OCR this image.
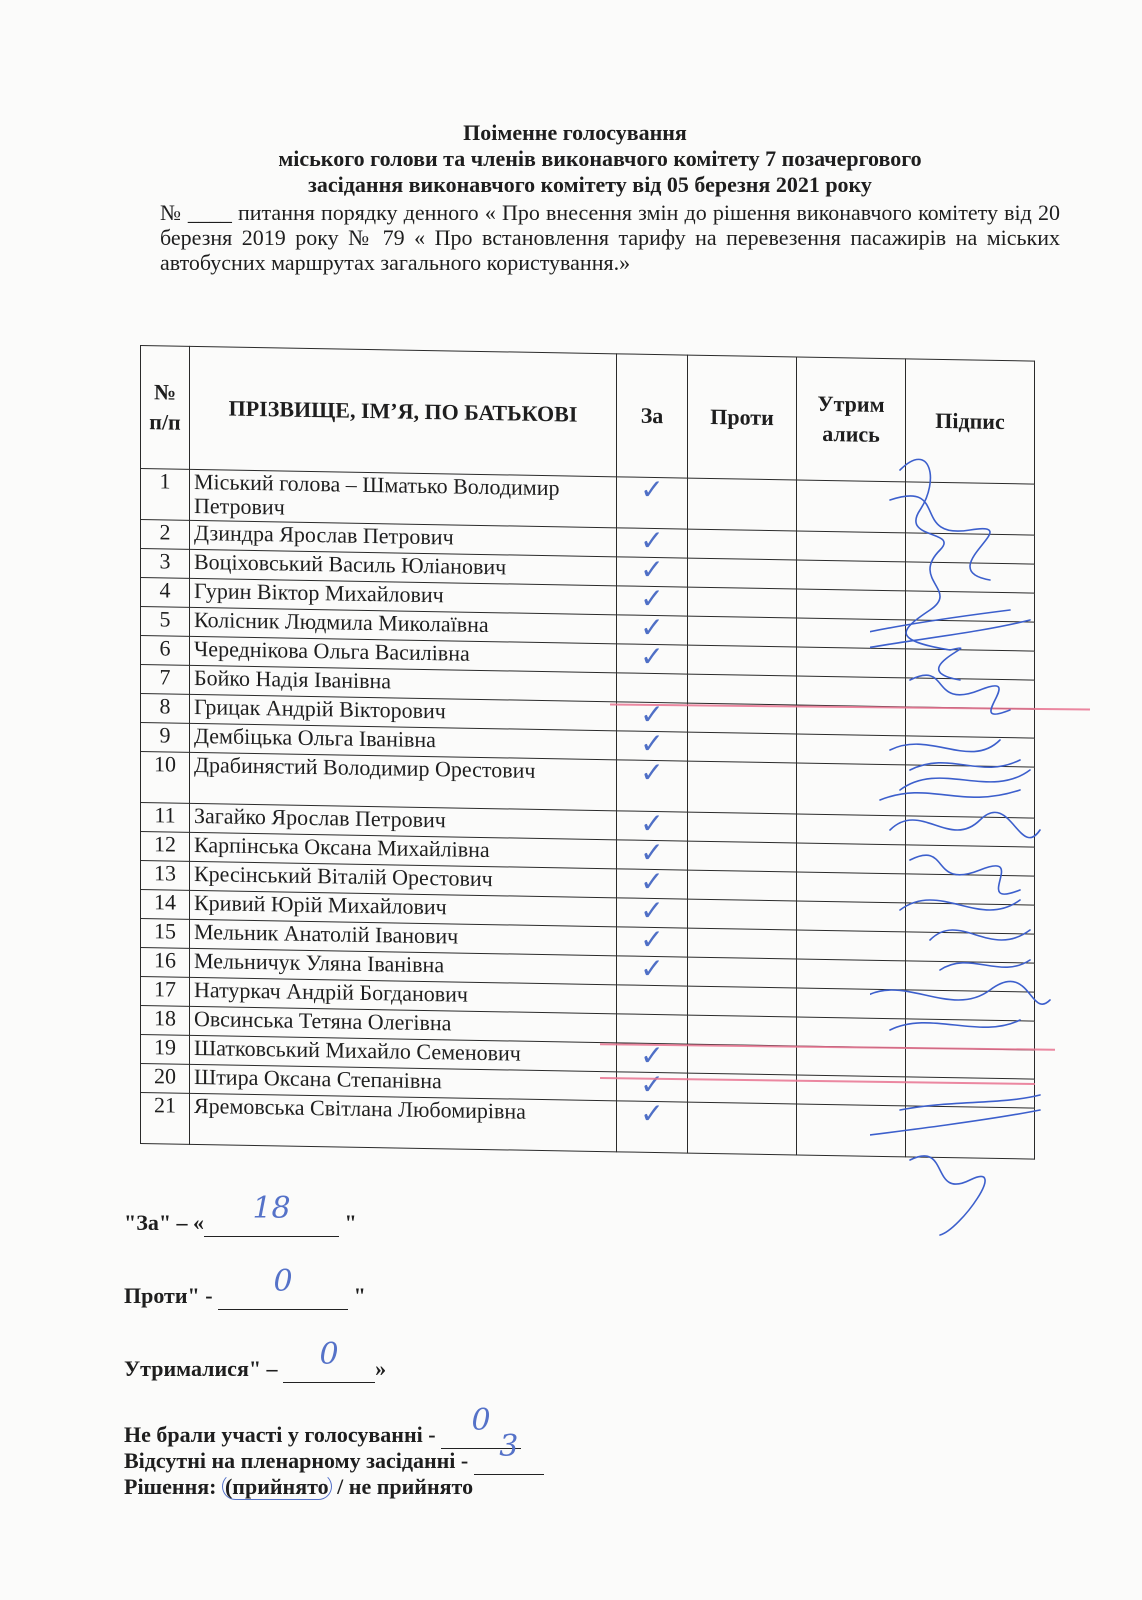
Поіменне голосування
міського голови та членів виконавчого комітету 7 позачергового
засідання виконавчого комітету від 05 березня 2021 року
№ ____ питання порядку денного « Про внесення змін до рішення виконавчого комітету від 20 березня 2019 року № 79 « Про встановлення тарифу на перевезення пасажирів на міських автобусних маршрутах загального користування.»
№ п/п	ПРІЗВИЩЕ, ІМ’Я, ПО БАТЬКОВІ	За	Проти	Утрим ались	Підпис
1	Міський голова – Шматько Володимир Петрович	✓			

2	Дзиндра Ярослав Петрович	✓			

3	Воціховський Василь Юліанович	✓			

4	Гурин Віктор Михайлович	✓			

5	Колісник Людмила Миколаївна	✓			

6	Череднікова Ольга Василівна	✓			

7	Бойко Надія Іванівна	

8	Грицак Андрій Вікторович	✓			

9	Дембіцька Ольга Іванівна	✓			

10	Драбинястий Володимир Орестович	✓			

11	Загайко Ярослав Петрович	✓			

12	Карпінська Оксана Михайлівна	✓			

13	Кресінський Віталій Орестович	✓			

14	Кривий Юрій Михайлович	✓			

15	Мельник Анатолій Іванович	✓			

16	Мельничук Уляна Іванівна	✓			

17	Натуркач Андрій Богданович	

18	Овсинська Тетяна Олегівна	

19	Шатковський Михайло Семенович	✓			

20	Штира Оксана Степанівна	✓			

21	Яремовська Світлана Любомирівна	✓			

"За" – «	18	"
Проти" -	0	"
Утрималися" –	0	»
Не брали участі у голосуванні -	0

Відсутні на пленарному засіданні - 3

Рішення: (прийнято / не прийнято
